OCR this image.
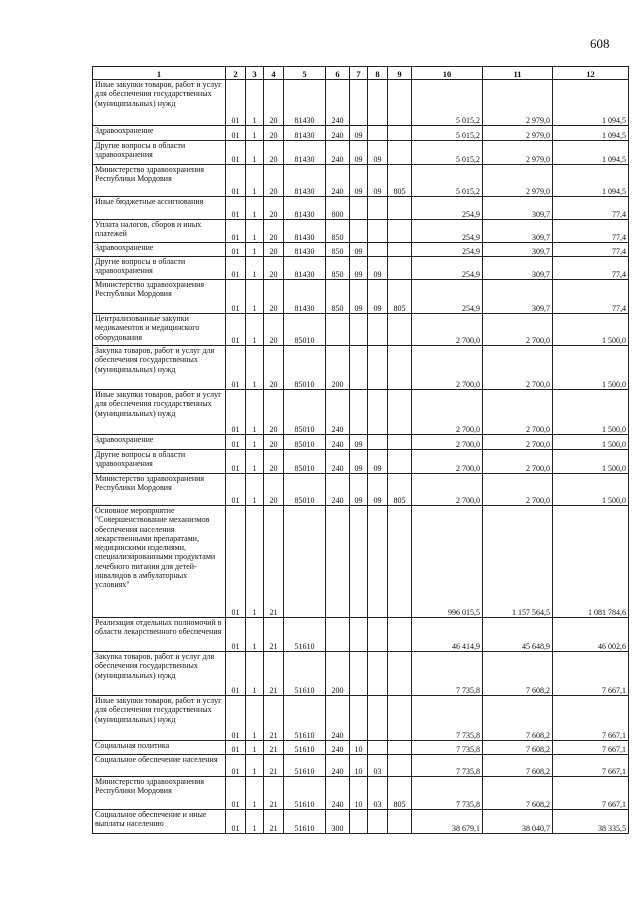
608
1	2	3	4	5	6	7	8	9	10	11	12
Иные закупки товаров, работ и услуг для обеспечения государственных (муниципальных) нужд	01	1	20	81430	240				5 015,2	2 979,0	1 094,5
Здравоохранение	01	1	20	81430	240	09			5 015,2	2 979,0	1 094,5
Другие вопросы в области здравоохранения	01	1	20	81430	240	09	09		5 015,2	2 979,0	1 094,5
Министерство здравоохранения Республики Мордовия	01	1	20	81430	240	09	09	805	5 015,2	2 979,0	1 094,5
Иные бюджетные ассигнования	01	1	20	81430	800				254,9	309,7	77,4
Уплата налогов, сборов и иных платежей	01	1	20	81430	850				254,9	309,7	77,4
Здравоохранение	01	1	20	81430	850	09			254,9	309,7	77,4
Другие вопросы в области здравоохранения	01	1	20	81430	850	09	09		254,9	309,7	77,4
Министерство здравоохранения Республики Мордовия	01	1	20	81430	850	09	09	805	254,9	309,7	77,4
Централизованные закупки медикаментов и медицинского оборудования	01	1	20	85010					2 700,0	2 700,0	1 500,0
Закупка товаров, работ и услуг для обеспечения государственных (муниципальных) нужд	01	1	20	85010	200				2 700,0	2 700,0	1 500,0
Иные закупки товаров, работ и услуг для обеспечения государственных (муниципальных) нужд	01	1	20	85010	240				2 700,0	2 700,0	1 500,0
Здравоохранение	01	1	20	85010	240	09			2 700,0	2 700,0	1 500,0
Другие вопросы в области здравоохранения	01	1	20	85010	240	09	09		2 700,0	2 700,0	1 500,0
Министерство здравоохранения Республики Мордовия	01	1	20	85010	240	09	09	805	2 700,0	2 700,0	1 500,0
Основное мероприятие "Совершенствование механизмов обеспечения населения лекарственными препаратами, медицинскими изделиями, специализированными продуктами лечебного питания для детей-инвалидов в амбулаторных условиях"	01	1	21						996 015,5	1 157 564,5	1 081 784,6
Реализация отдельных полномочий в области лекарственного обеспечения	01	1	21	51610					46 414,9	45 648,9	46 002,6
Закупка товаров, работ и услуг для обеспечения государственных (муниципальных) нужд	01	1	21	51610	200				7 735,8	7 608,2	7 667,1
Иные закупки товаров, работ и услуг для обеспечения государственных (муниципальных) нужд	01	1	21	51610	240				7 735,8	7 608,2	7 667,1
Социальная политика	01	1	21	51610	240	10			7 735,8	7 608,2	7 667,1
Социальное обеспечение населения	01	1	21	51610	240	10	03		7 735,8	7 608,2	7 667,1
Министерство здравоохранения Республики Мордовия	01	1	21	51610	240	10	03	805	7 735,8	7 608,2	7 667,1
Социальное обеспечение и иные выплаты населению	01	1	21	51610	300				38 679,1	38 040,7	38 335,5
